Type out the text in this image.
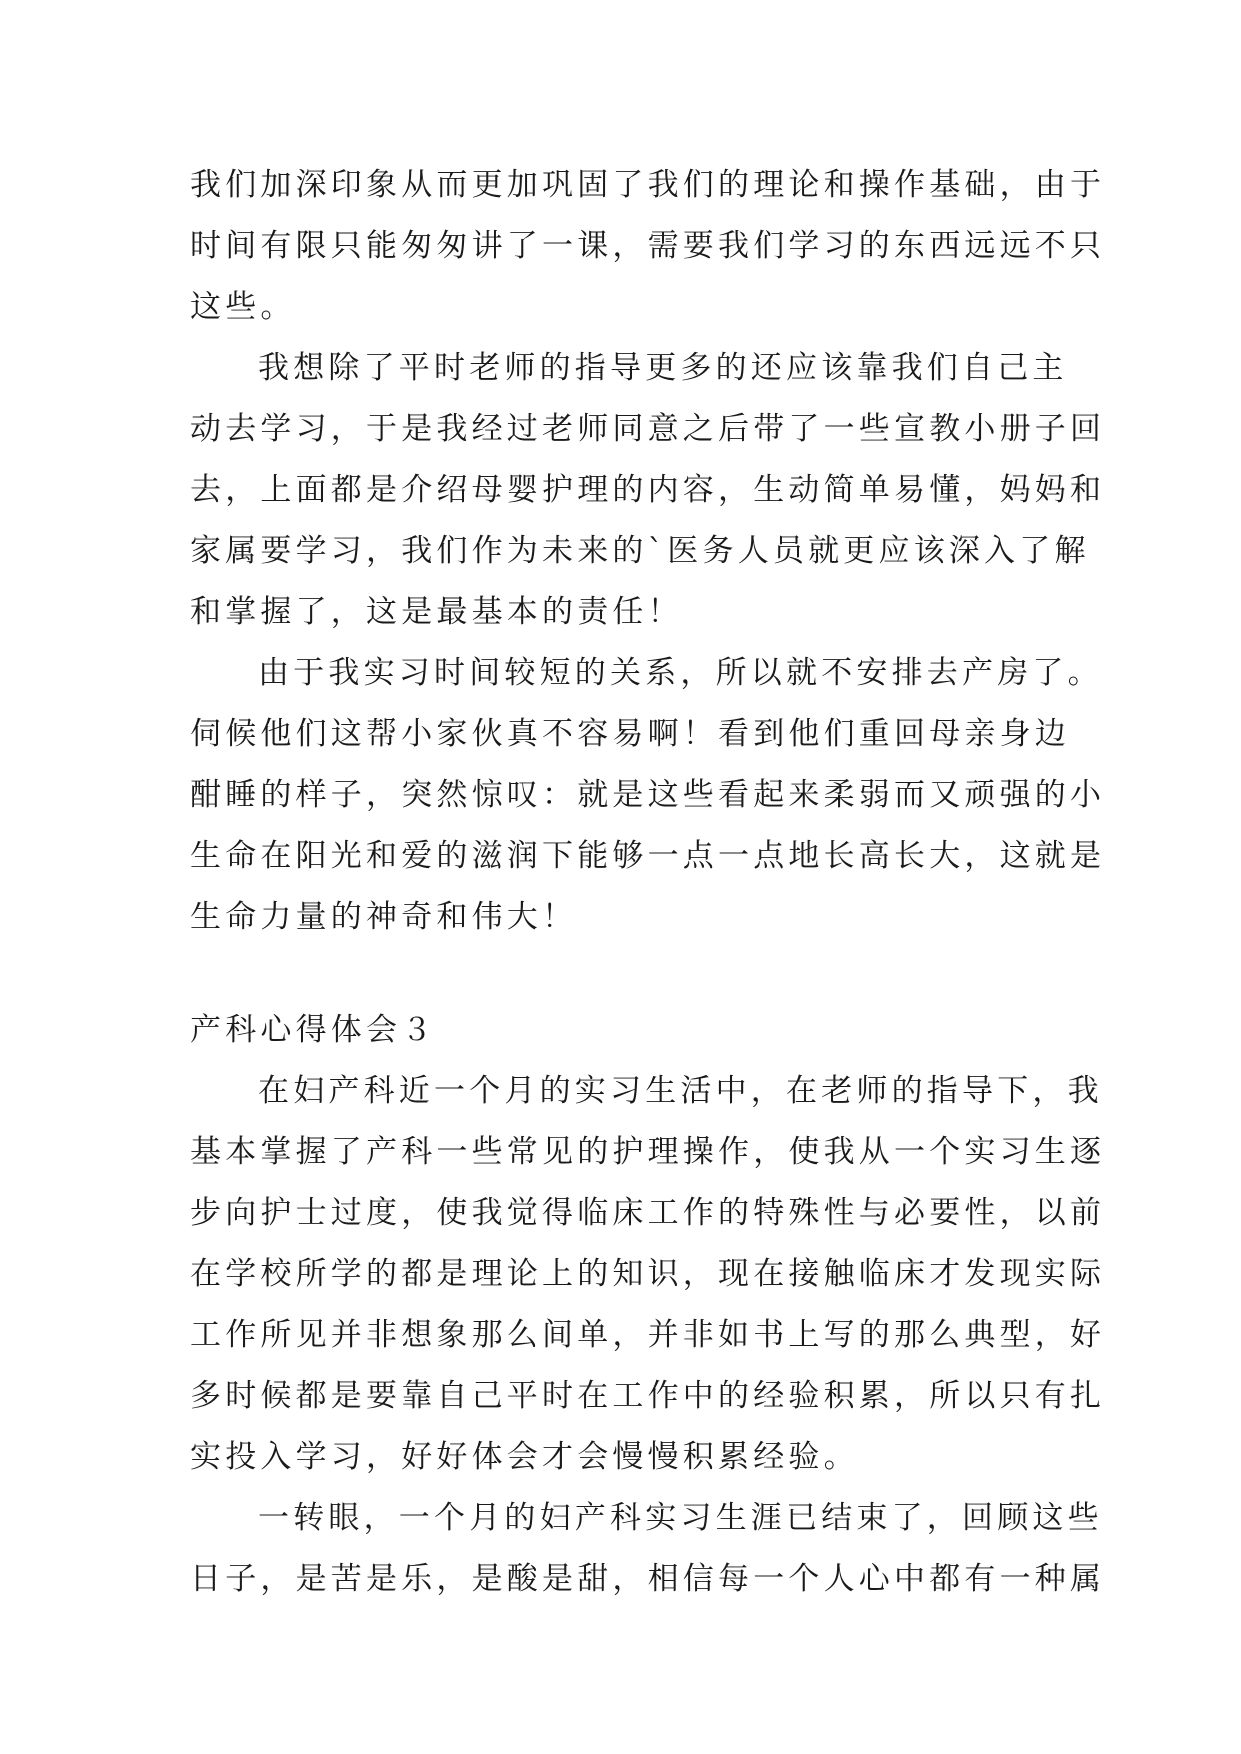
我们加深印象从而更加巩固了我们的理论和操作基础，由于
时间有限只能匆匆讲了一课，需要我们学习的东西远远不只
这些。
我想除了平时老师的指导更多的还应该靠我们自己主
动去学习，于是我经过老师同意之后带了一些宣教小册子回
去，上面都是介绍母婴护理的内容，生动简单易懂，妈妈和
家属要学习，我们作为未来的`医务人员就更应该深入了解
和掌握了，这是最基本的责任！
由于我实习时间较短的关系，所以就不安排去产房了。
伺候他们这帮小家伙真不容易啊！看到他们重回母亲身边
酣睡的样子，突然惊叹：就是这些看起来柔弱而又顽强的小
生命在阳光和爱的滋润下能够一点一点地长高长大，这就是
生命力量的神奇和伟大！
产科心得体会３
在妇产科近一个月的实习生活中，在老师的指导下，我
基本掌握了产科一些常见的护理操作，使我从一个实习生逐
步向护士过度，使我觉得临床工作的特殊性与必要性，以前
在学校所学的都是理论上的知识，现在接触临床才发现实际
工作所见并非想象那么间单，并非如书上写的那么典型，好
多时候都是要靠自己平时在工作中的经验积累，所以只有扎
实投入学习，好好体会才会慢慢积累经验。
一转眼，一个月的妇产科实习生涯已结束了，回顾这些
日子，是苦是乐，是酸是甜，相信每一个人心中都有一种属
